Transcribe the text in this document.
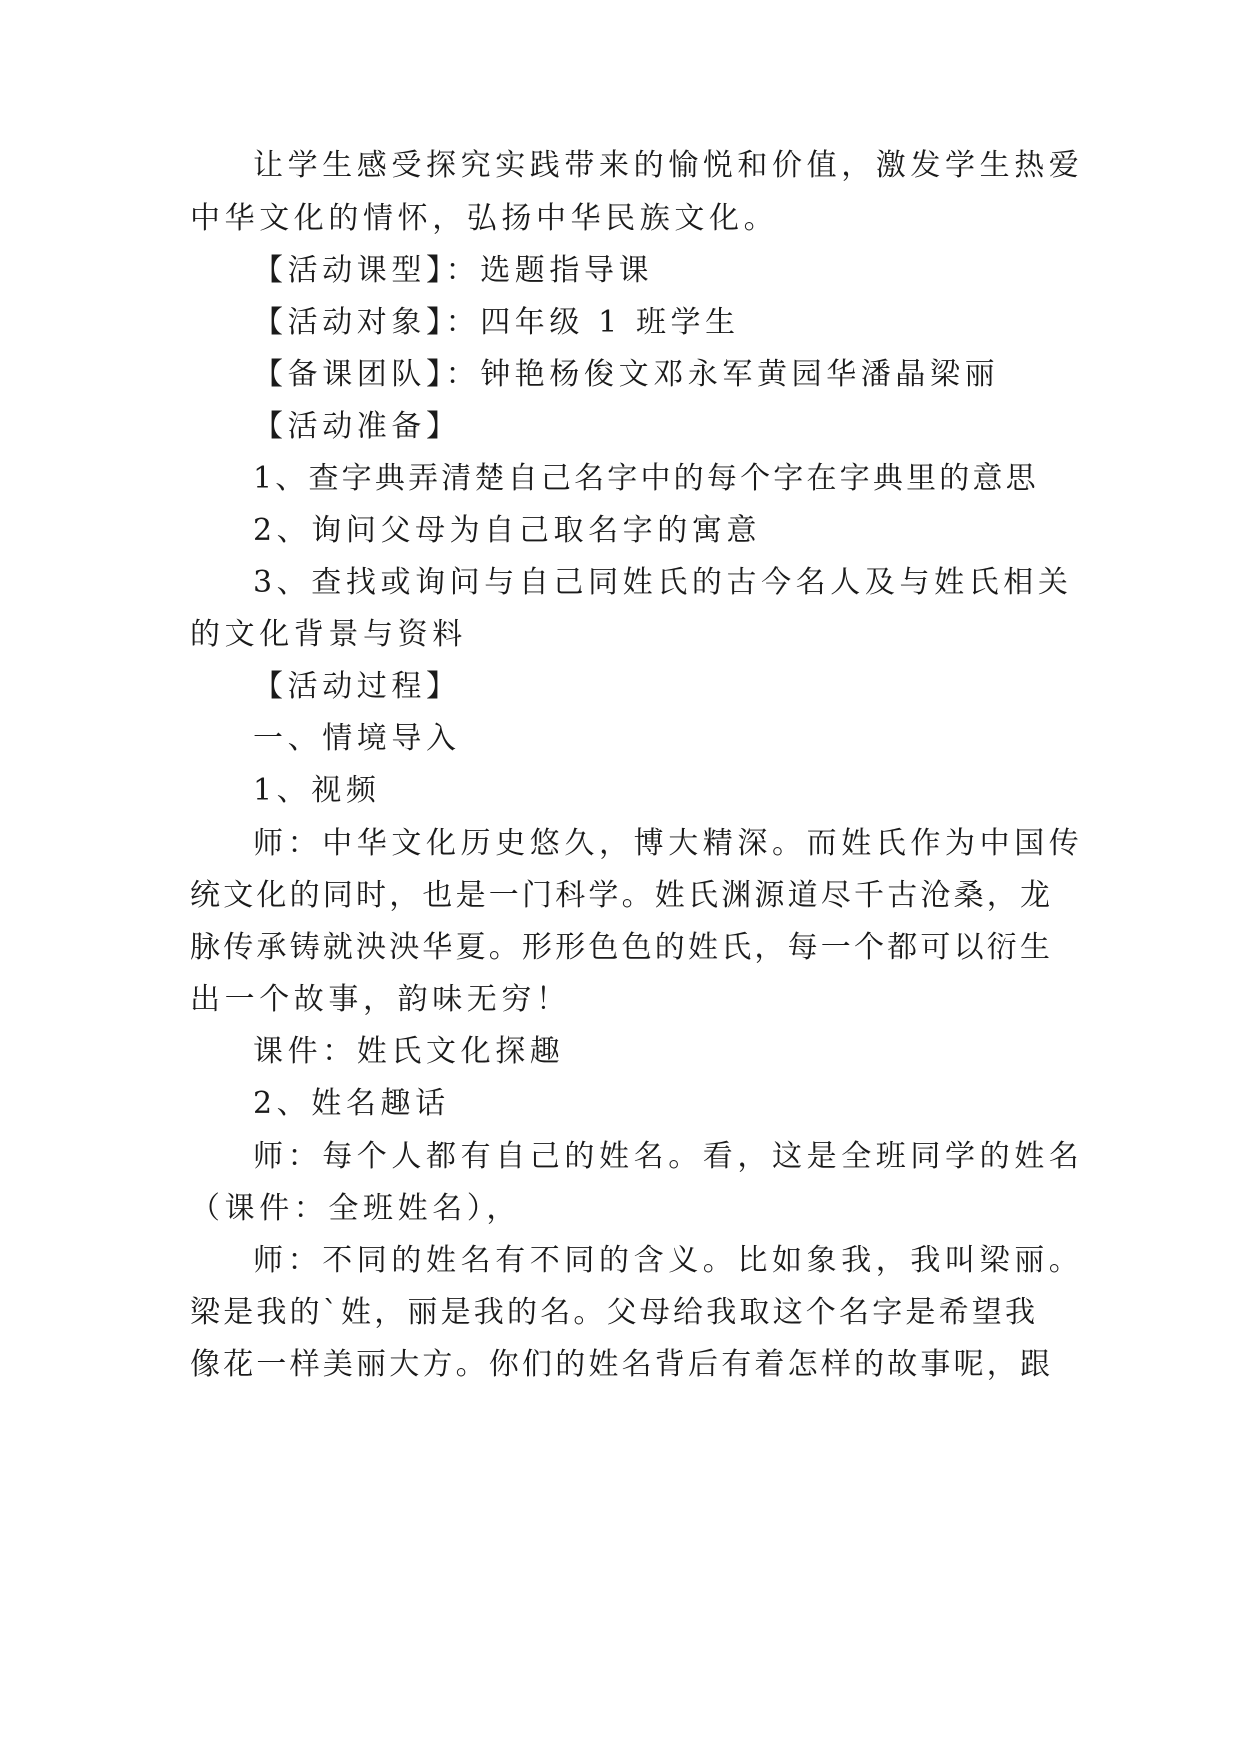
让学生感受探究实践带来的愉悦和价值，激发学生热爱
中华文化的情怀，弘扬中华民族文化。
【活动课型】：选题指导课
【活动对象】：四年级 1 班学生
【备课团队】：钟艳杨俊文邓永军黄园华潘晶梁丽
【活动准备】
1、查字典弄清楚自己名字中的每个字在字典里的意思
2、询问父母为自己取名字的寓意
3、查找或询问与自己同姓氏的古今名人及与姓氏相关
的文化背景与资料
【活动过程】
一、情境导入
1、视频
师：中华文化历史悠久，博大精深。而姓氏作为中国传
统文化的同时，也是一门科学。姓氏渊源道尽千古沧桑，龙
脉传承铸就泱泱华夏。形形色色的姓氏，每一个都可以衍生
出一个故事，韵味无穷！
课件：姓氏文化探趣
2、姓名趣话
师：每个人都有自己的姓名。看，这是全班同学的姓名
（课件：全班姓名），
师：不同的姓名有不同的含义。比如象我，我叫梁丽。
梁是我的`姓，丽是我的名。父母给我取这个名字是希望我
像花一样美丽大方。你们的姓名背后有着怎样的故事呢，跟
